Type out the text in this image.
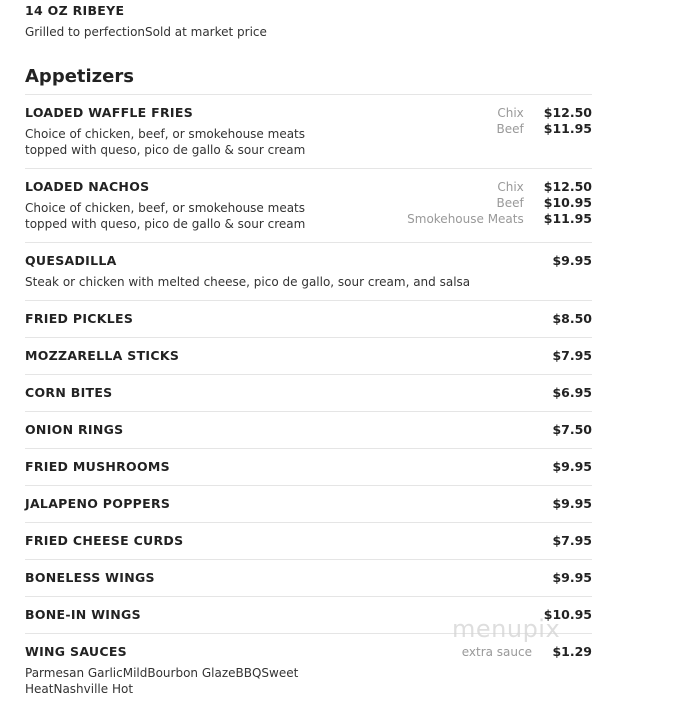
14 OZ RIBEYE
Grilled to perfectionSold at market price
Appetizers
LOADED WAFFLE FRIES
Choice of chicken, beef, or smokehouse meats
topped with queso, pico de gallo & sour cream
Chix $12.50
Beef $11.95
LOADED NACHOS
Choice of chicken, beef, or smokehouse meats
topped with queso, pico de gallo & sour cream
Chix $12.50
Beef $10.95
Smokehouse Meats $11.95
QUESADILLA
Steak or chicken with melted cheese, pico de gallo, sour cream, and salsa
$9.95
FRIED PICKLES	$8.50
MOZZARELLA STICKS	$7.95
CORN BITES	$6.95
ONION RINGS	$7.50
FRIED MUSHROOMS	$9.95
JALAPENO POPPERS	$9.95
FRIED CHEESE CURDS	$7.95
BONELESS WINGS	$9.95
BONE-IN WINGS	$10.95
WING SAUCES
Parmesan GarlicMildBourbon GlazeBBQSweet
HeatNashville Hot
extra sauce $1.29
menupix
